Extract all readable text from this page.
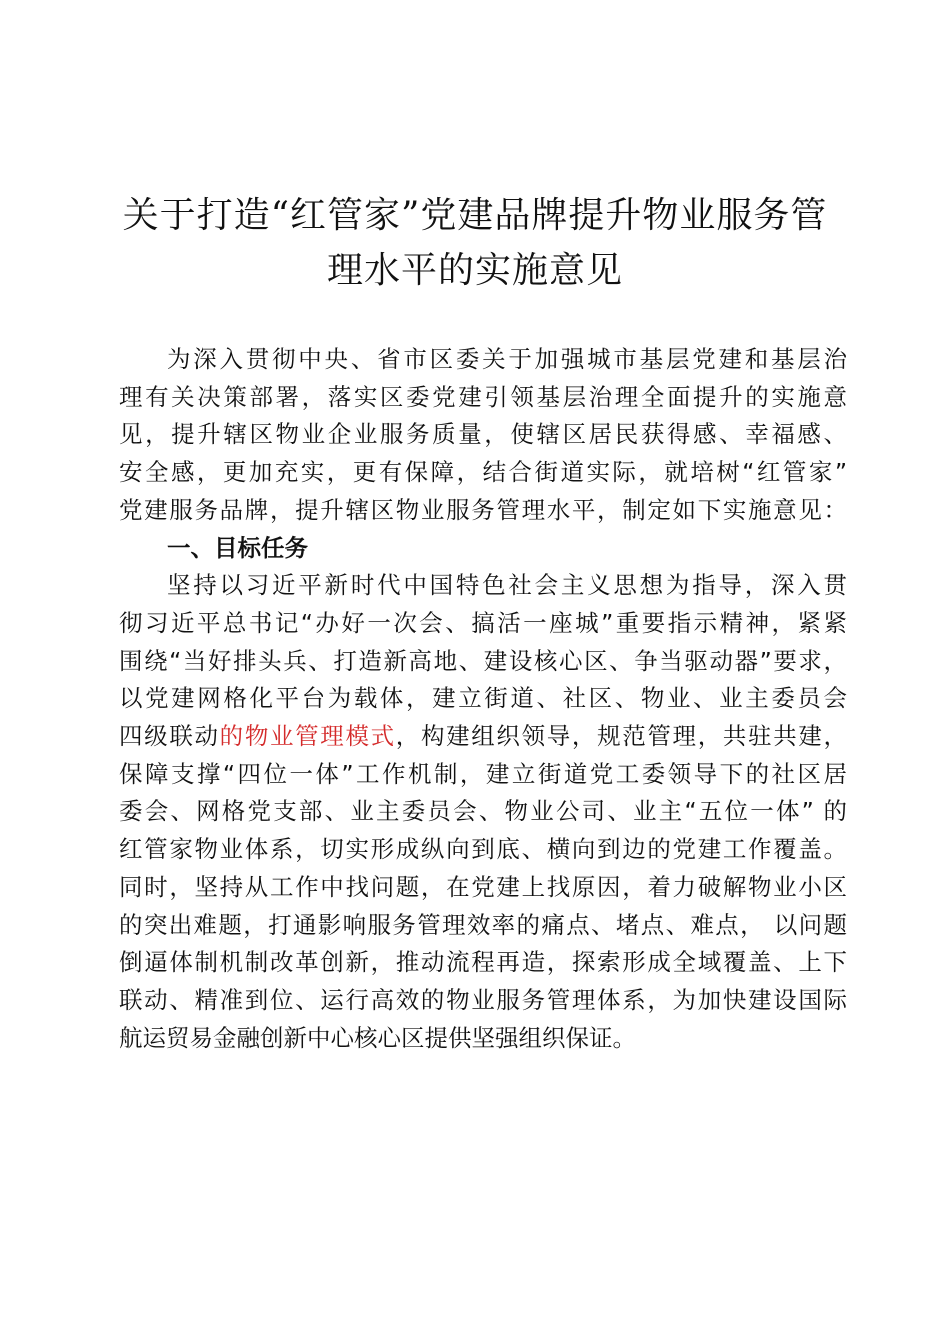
关于打造“红管家”党建品牌提升物业服务管
理水平的实施意见
为深入贯彻中央、省市区委关于加强城市基层党建和基层治
理有关决策部署，落实区委党建引领基层治理全面提升的实施意
见，提升辖区物业企业服务质量，使辖区居民获得感、幸福感、
安全感，更加充实，更有保障，结合街道实际，就培树“红管家”
党建服务品牌，提升辖区物业服务管理水平，制定如下实施意见：
一、目标任务
坚持以习近平新时代中国特色社会主义思想为指导，深入贯
彻习近平总书记“办好一次会、搞活一座城”重要指示精神，紧紧
围绕“当好排头兵、打造新高地、建设核心区、争当驱动器”要求，
以党建网格化平台为载体，建立街道、社区、物业、业主委员会
四级联动的物业管理模式，构建组织领导，规范管理，共驻共建，
保障支撑“四位一体”工作机制，建立街道党工委领导下的社区居
委会、网格党支部、业主委员会、物业公司、业主“五位一体” 的
红管家物业体系，切实形成纵向到底、横向到边的党建工作覆盖。
同时，坚持从工作中找问题，在党建上找原因，着力破解物业小区
的突出难题，打通影响服务管理效率的痛点、堵点、难点， 以问题
倒逼体制机制改革创新，推动流程再造，探索形成全域覆盖、上下
联动、精准到位、运行高效的物业服务管理体系，为加快建设国际
航运贸易金融创新中心核心区提供坚强组织保证。
